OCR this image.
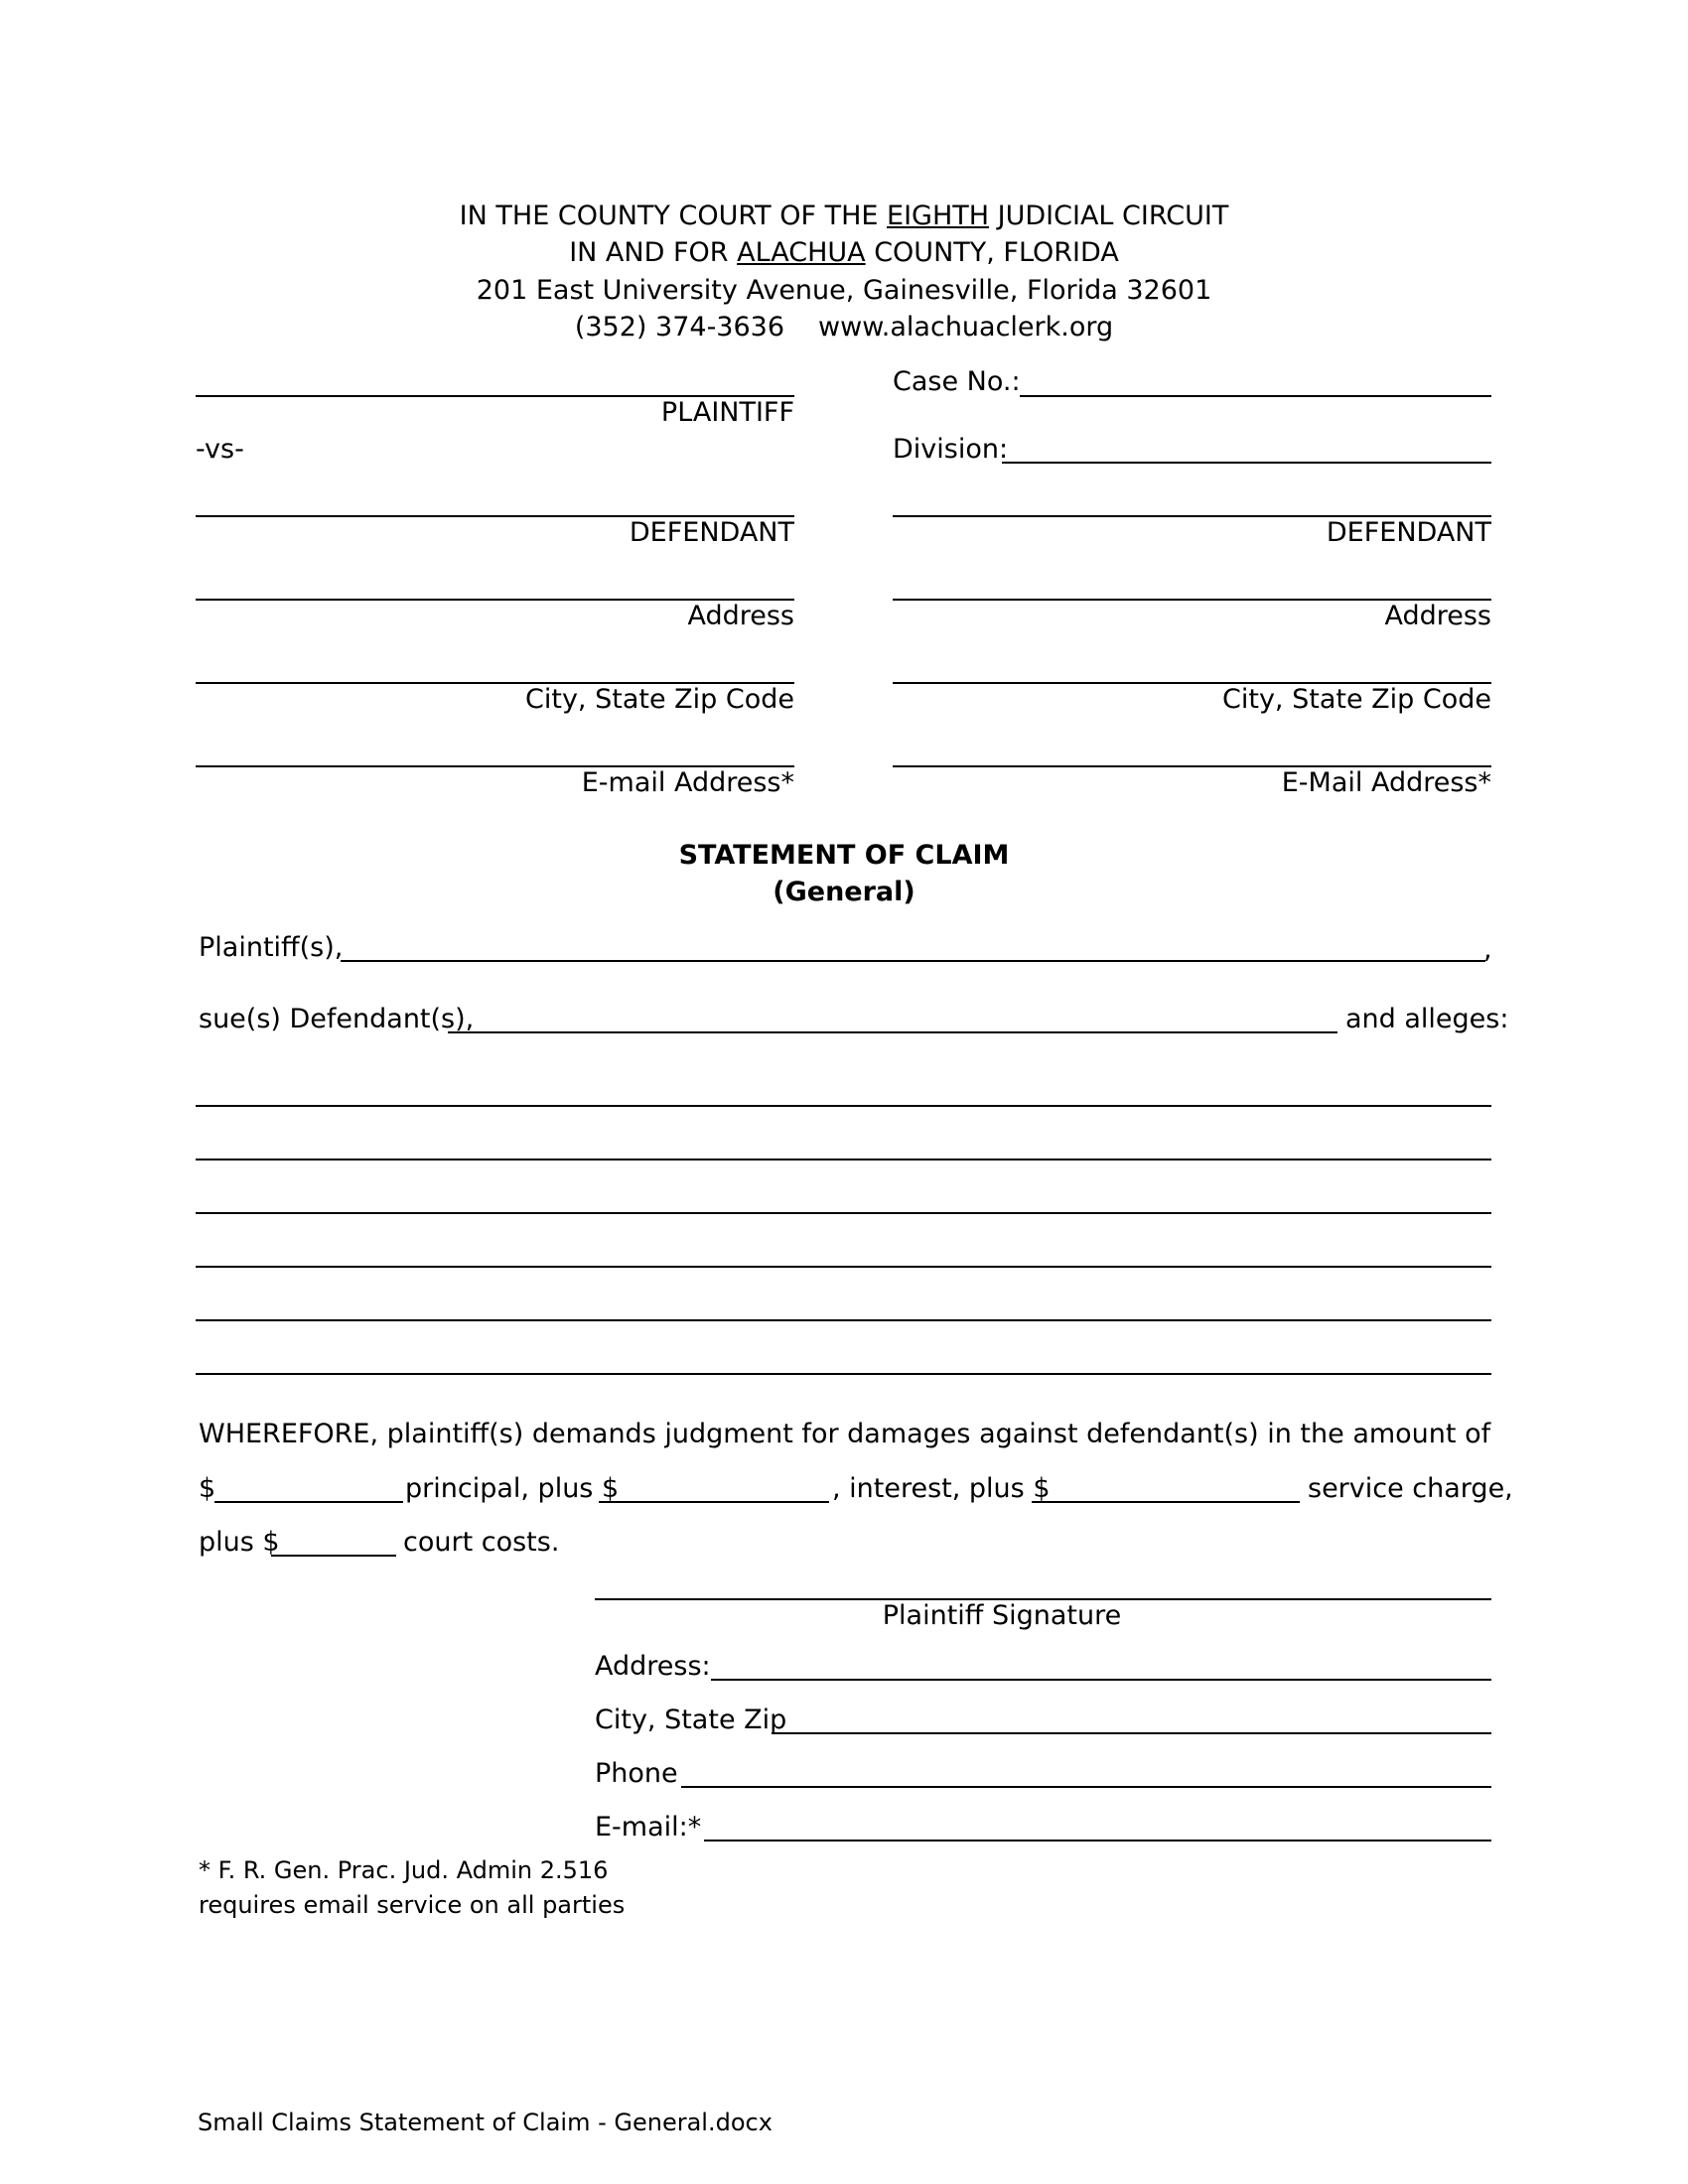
IN THE COUNTY COURT OF THE EIGHTH JUDICIAL CIRCUIT
IN AND FOR ALACHUA COUNTY, FLORIDA
201 East University Avenue, Gainesville, Florida 32601
(352) 374-3636 www.alachuaclerk.org
PLAINTIFF
-vs-
DEFENDANT
Address
City, State Zip Code
E-mail Address*
Case No.:
Division:
DEFENDANT
Address
City, State Zip Code
E-Mail Address*
STATEMENT OF CLAIM
(General)
Plaintiff(s),	,
sue(s) Defendant(s),	and alleges:
WHEREFORE, plaintiff(s) demands judgment for damages against defendant(s) in the amount of
$	principal, plus $	, interest, plus $	service charge,
plus $	court costs.
Plaintiff Signature
Address:
City, State Zip
Phone
E-mail:*
* F. R. Gen. Prac. Jud. Admin 2.516
requires email service on all parties
Small Claims Statement of Claim - General.docx
